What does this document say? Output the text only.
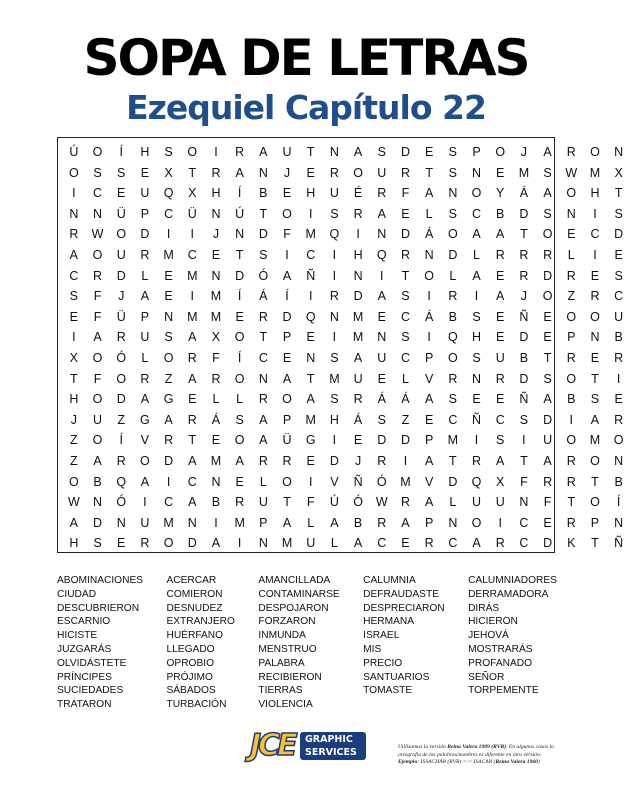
SOPA DE LETRAS
Ezequiel Capítulo 22
Ú	O	Í	H	S	O	I	R	A	U	T	N	A	S	D	E	S	P	O	J	A	R	O	N
O	S	S	E	X	T	R	A	N	J	E	R	O	U	R	T	S	N	E	M	S	W	M	X
I	C	E	U	Q	X	H	Í	B	E	H	U	É	R	F	A	N	O	Y	Á	A	O	H	T
N	N	Ü	P	C	Ü	N	Ú	T	O	I	S	R	A	E	L	S	C	B	D	S	N	I	S
R	W	O	D	I	I	J	N	D	F	M	Q	I	N	D	Á	O	A	A	T	O	E	C	D
A	O	U	R	M	C	E	T	S	I	C	I	H	Q	R	N	D	L	R	R	R	L	I	E
C	R	D	L	E	M	N	D	Ó	A	Ñ	I	N	I	T	O	L	A	E	R	D	R	E	S
S	F	J	A	E	I	M	Í	Á	Í	I	R	D	A	S	I	R	I	A	J	O	Z	R	C
E	F	Ü	P	N	M	M	E	R	D	Q	N	M	E	C	Á	B	S	E	Ñ	E	O	O	U
I	A	R	U	S	A	X	O	T	P	E	I	M	N	S	I	Q	H	E	D	E	P	N	B
X	O	Ó	L	O	R	F	Í	C	E	N	S	A	U	C	P	O	S	U	B	T	R	E	R
T	F	O	R	Z	A	R	O	N	A	T	M	U	E	L	V	R	N	R	D	S	O	T	I
H	O	D	A	G	E	L	L	R	O	A	S	R	Á	Á	A	S	E	E	Ñ	A	B	S	E
J	U	Z	G	A	R	Á	S	A	P	M	H	Á	S	Z	E	C	Ñ	C	S	D	I	A	R
Z	O	Í	V	R	T	E	O	A	Ü	G	I	E	D	D	P	M	I	S	I	U	O	M	O
Z	A	R	O	D	A	M	A	R	R	E	D	J	R	I	A	T	R	A	T	A	R	O	N
O	B	Q	A	I	C	N	E	L	O	I	V	Ñ	Ó	M	V	D	Q	X	F	R	R	T	B
W	N	Ó	I	C	A	B	R	U	T	F	Ú	Ó	W	R	A	L	U	U	N	F	T	O	Í
A	D	N	U	M	N	I	M	P	A	L	A	B	R	A	P	N	O	I	C	E	R	P	N
H	S	E	R	O	D	A	I	N	M	U	L	A	C	E	R	C	A	R	C	D	K	T	Ñ
ABOMINACIONES
CIUDAD
DESCUBRIERON
ESCARNIO
HICISTE
JUZGARÁS
OLVIDÁSTETE
PRÍNCIPES
SUCIEDADES
TRATARON
ACERCAR
COMIERON
DESNUDEZ
EXTRANJERO
HUÉRFANO
LLEGADO
OPROBIO
PRÓJIMO
SÁBADOS
TURBACIÓN
AMANCILLADA
CONTAMINARSE
DESPOJARON
FORZARON
INMUNDA
MENSTRUO
PALABRA
RECIBIERON
TIERRAS
VIOLENCIA
CALUMNIA
DEFRAUDASTE
DESPRECIARON
HERMANA
ISRAEL
MIS
PRECIO
SANTUARIOS
TOMASTE
CALUMNIADORES
DERRAMADORA
DIRÁS
HICIERON
JEHOVÁ
MOSTRARÁS
PROFANADO
SEÑOR
TORPEMENTE
JCE GRAPHIC
SERVICES	Utilizamos la versión Reina Valera 1909 (RVR). En algunos casos la ortografía de las palabras/nombres es diferente en otra versión.
Ejemplo: ISSACHÁR (RVR) <-> ISACAR (Reina Valera 1960)
